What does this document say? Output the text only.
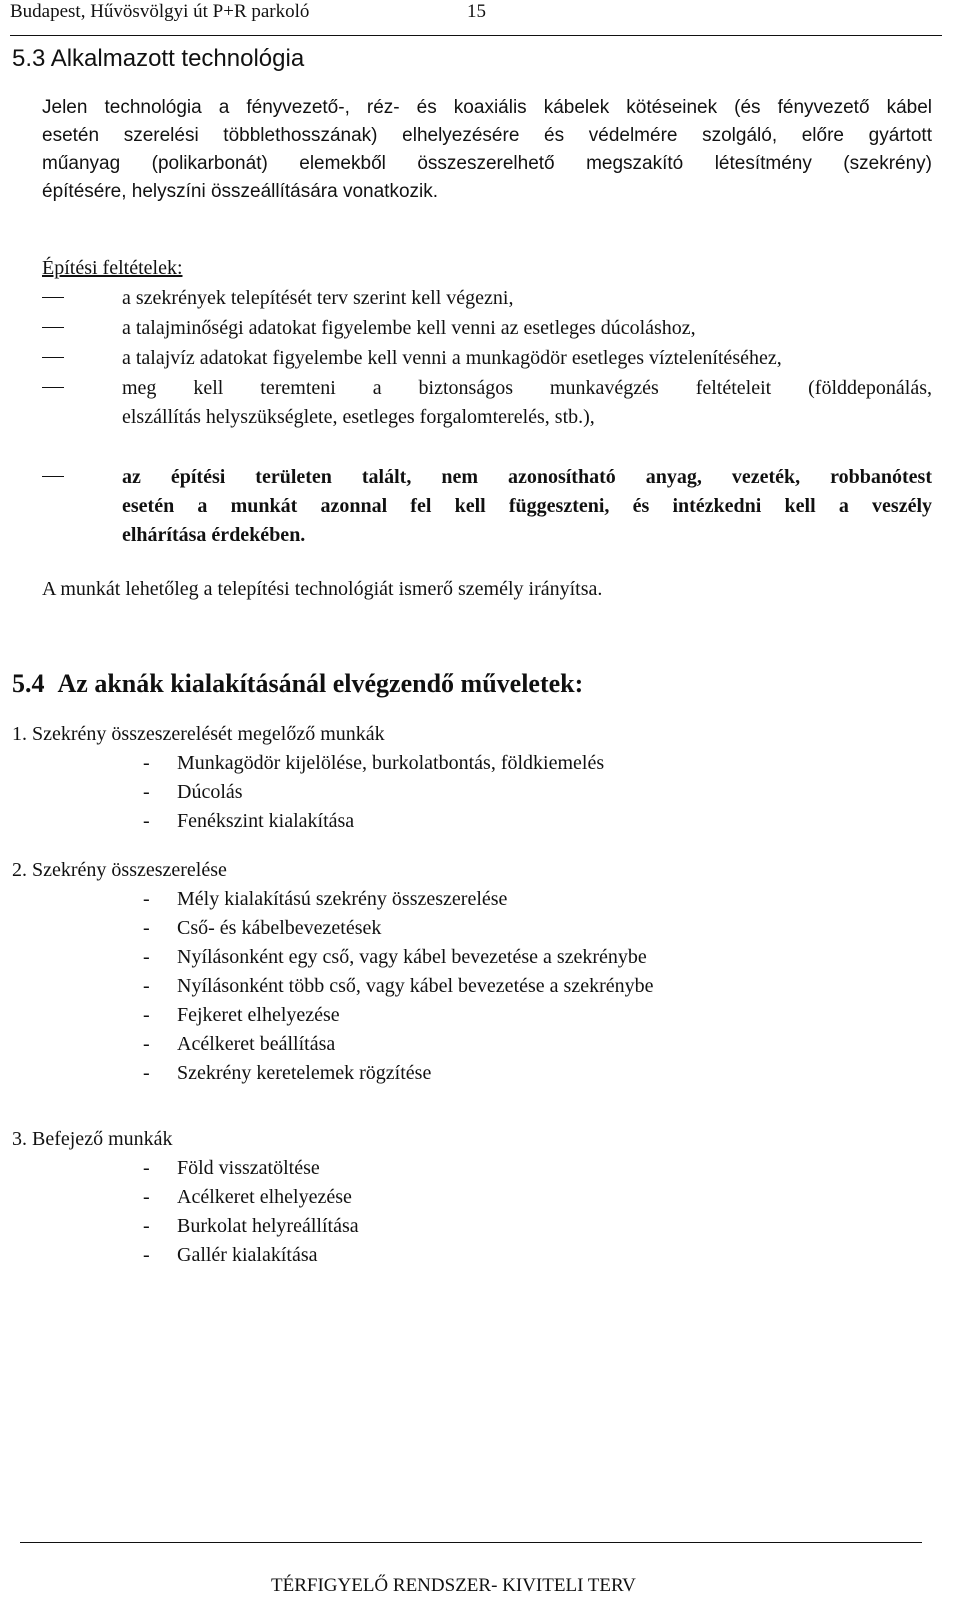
Budapest, Hűvösvölgyi út P+R parkoló	15
5.3 Alkalmazott technológia
Jelen technológia a fényvezető-, réz- és koaxiális kábelek kötéseinek (és fényvezető kábel
esetén szerelési többlethosszának) elhelyezésére és védelmére szolgáló, előre gyártott
műanyag (polikarbonát) elemekből összeszerelhető megszakító létesítmény (szekrény)
építésére, helyszíni összeállítására vonatkozik.
Építési feltételek:
a szekrények telepítését terv szerint kell végezni,
a talajminőségi adatokat figyelembe kell venni az esetleges dúcoláshoz,
a talajvíz adatokat figyelembe kell venni a munkagödör esetleges víztelenítéséhez,
meg kell teremteni a biztonságos munkavégzés feltételeit (földdeponálás,
elszállítás helyszükséglete, esetleges forgalomterelés, stb.),
az építési területen talált, nem azonosítható anyag, vezeték, robbanótest
esetén a munkát azonnal fel kell függeszteni, és intézkedni kell a veszély
elhárítása érdekében.
A munkát lehetőleg a telepítési technológiát ismerő személy irányítsa.
5.4 Az aknák kialakításánál elvégzendő műveletek:
1. Szekrény összeszerelését megelőző munkák
- Munkagödör kijelölése, burkolatbontás, földkiemelés
- Dúcolás
- Fenékszint kialakítása
2. Szekrény összeszerelése
- Mély kialakítású szekrény összeszerelése
- Cső- és kábelbevezetések
- Nyílásonként egy cső, vagy kábel bevezetése a szekrénybe
- Nyílásonként több cső, vagy kábel bevezetése a szekrénybe
- Fejkeret elhelyezése
- Acélkeret beállítása
- Szekrény keretelemek rögzítése
3. Befejező munkák
- Föld visszatöltése
- Acélkeret elhelyezése
- Burkolat helyreállítása
- Gallér kialakítása
TÉRFIGYELŐ RENDSZER- KIVITELI TERV
